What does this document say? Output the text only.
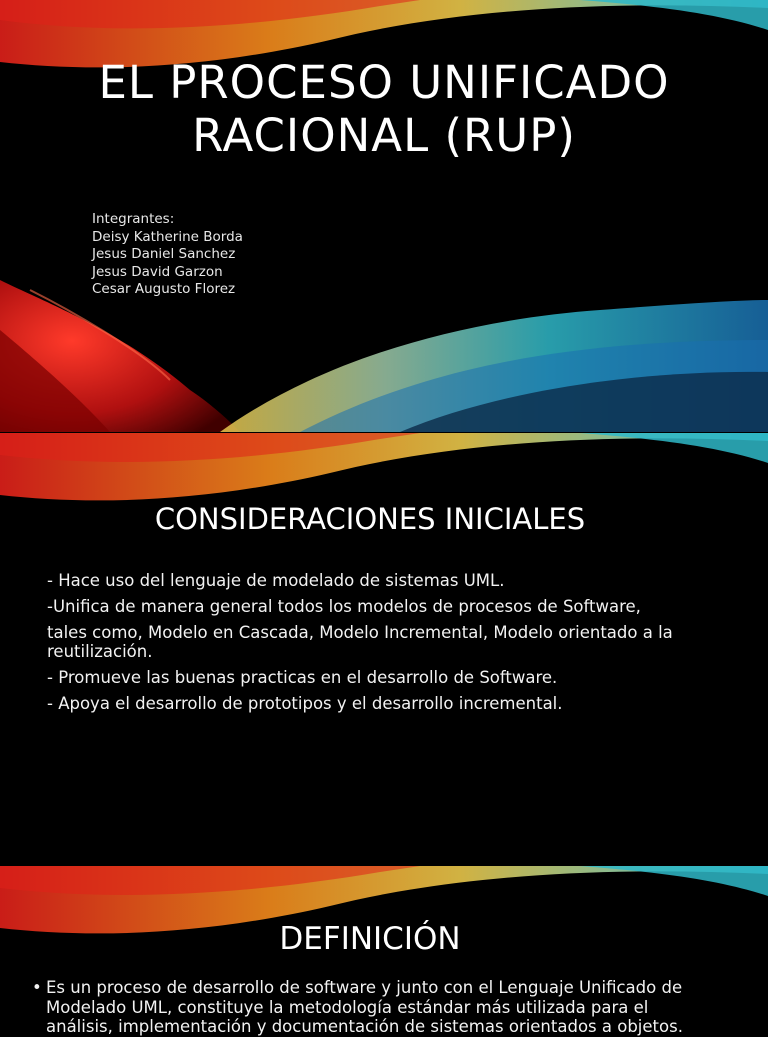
EL PROCESO UNIFICADO
RACIONAL (RUP)
Integrantes:
Deisy Katherine Borda
Jesus Daniel Sanchez
Jesus David Garzon
Cesar Augusto Florez
CONSIDERACIONES INICIALES

- Hace uso del lenguaje de modelado de sistemas UML.

-Unifica de manera general todos los modelos de procesos de Software,

tales como, Modelo en Cascada, Modelo Incremental, Modelo orientado a la reutilización.

- Promueve las buenas practicas en el desarrollo de Software.

- Apoya el desarrollo de prototipos y el desarrollo incremental.

DEFINICIÓN
• Es un proceso de desarrollo de software y junto con el Lenguaje Unificado de Modelado UML, constituye la metodología estándar más utilizada para el análisis, implementación y documentación de sistemas orientados a objetos.
